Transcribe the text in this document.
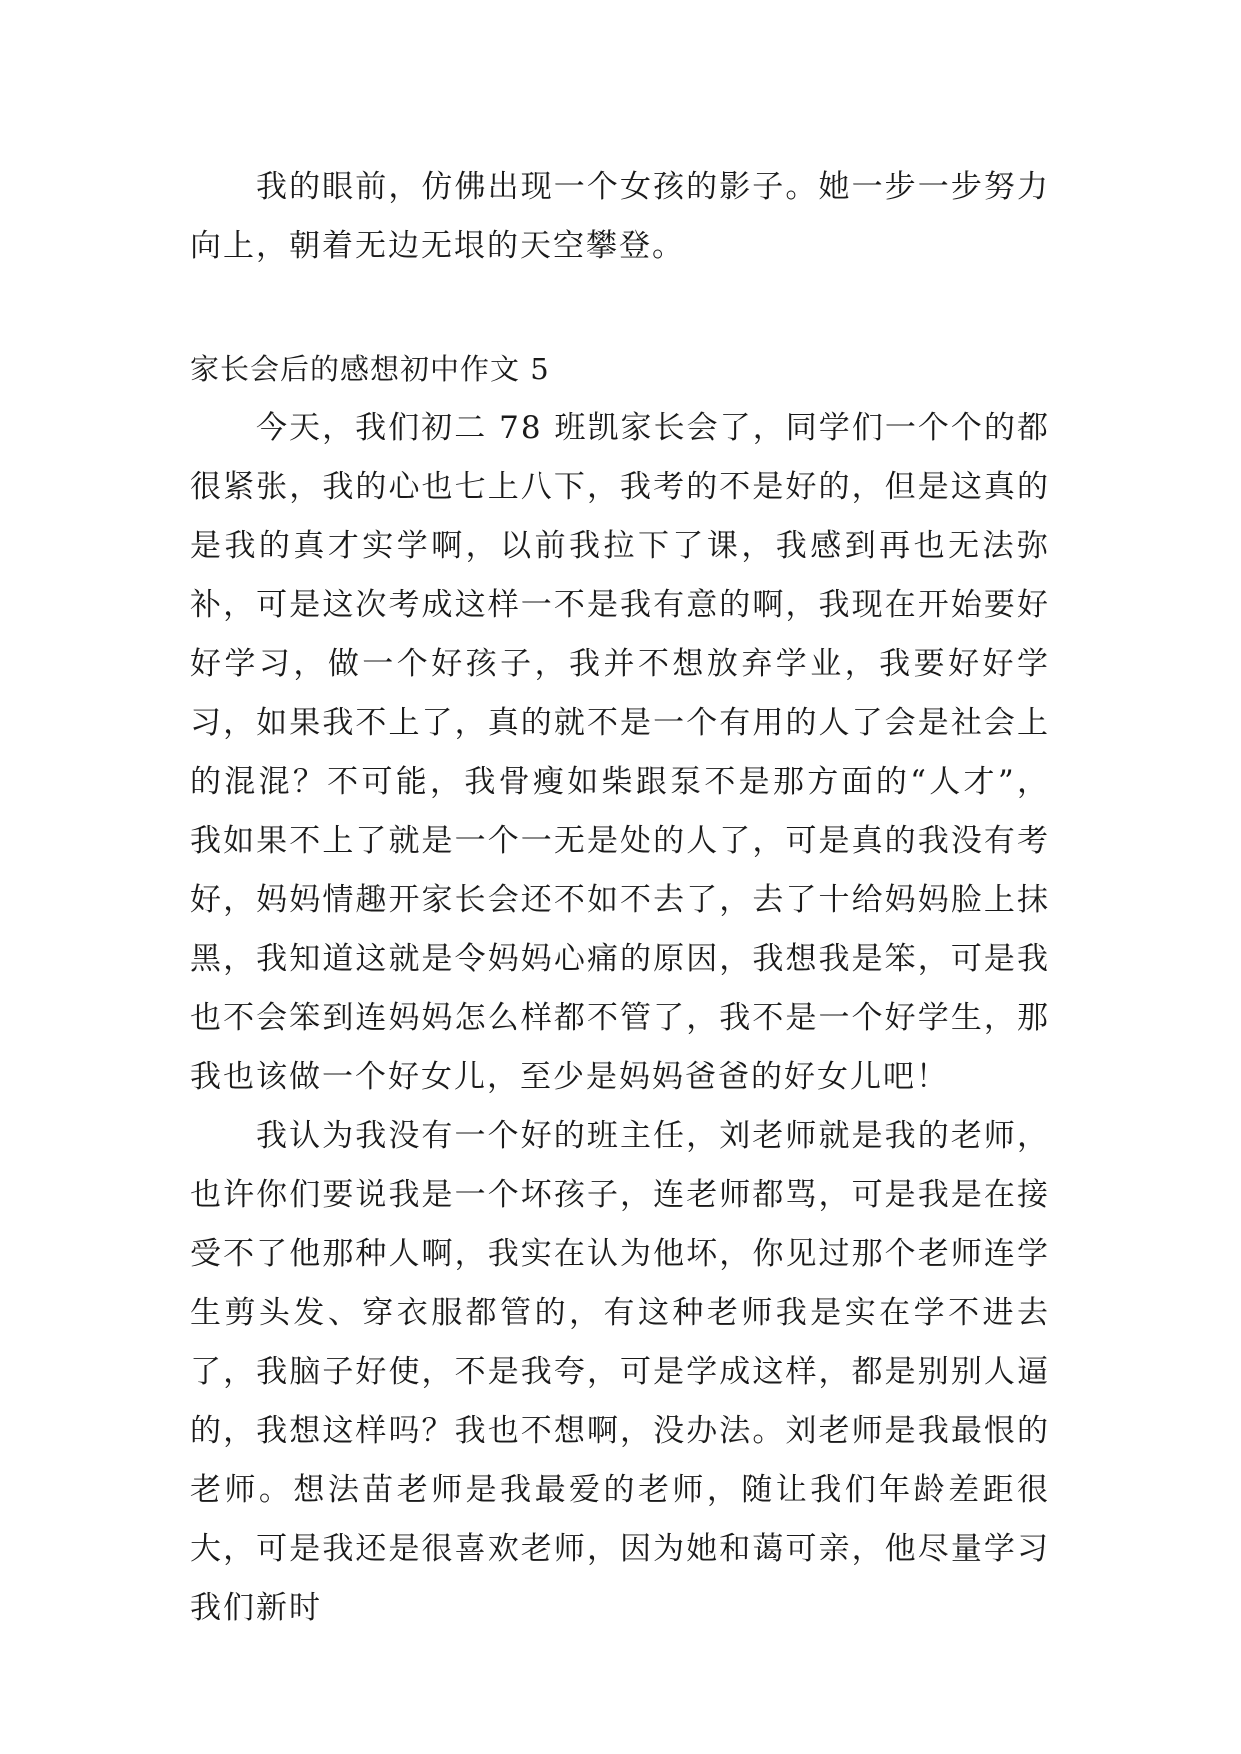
我的眼前，仿佛出现一个女孩的影子。她一步一步努力向上，朝着无边无垠的天空攀登。

家长会后的感想初中作文 5

今天，我们初二 78 班凯家长会了，同学们一个个的都很紧张，我的心也七上八下，我考的不是好的，但是这真的是我的真才实学啊，以前我拉下了课，我感到再也无法弥补，可是这次考成这样一不是我有意的啊，我现在开始要好好学习，做一个好孩子，我并不想放弃学业，我要好好学习，如果我不上了，真的就不是一个有用的人了会是社会上的混混？不可能，我骨瘦如柴跟泵不是那方面的“人才”，我如果不上了就是一个一无是处的人了，可是真的我没有考好，妈妈情趣开家长会还不如不去了，去了十给妈妈脸上抹黑，我知道这就是令妈妈心痛的原因，我想我是笨，可是我也不会笨到连妈妈怎么样都不管了，我不是一个好学生，那我也该做一个好女儿，至少是妈妈爸爸的好女儿吧！

我认为我没有一个好的班主任，刘老师就是我的老师，也许你们要说我是一个坏孩子，连老师都骂，可是我是在接受不了他那种人啊，我实在认为他坏，你见过那个老师连学生剪头发、穿衣服都管的，有这种老师我是实在学不进去了，我脑子好使，不是我夸，可是学成这样，都是别别人逼的，我想这样吗？我也不想啊，没办法。刘老师是我最恨的老师。想法苗老师是我最爱的老师，随让我们年龄差距很大，可是我还是很喜欢老师，因为她和蔼可亲，他尽量学习我们新时
